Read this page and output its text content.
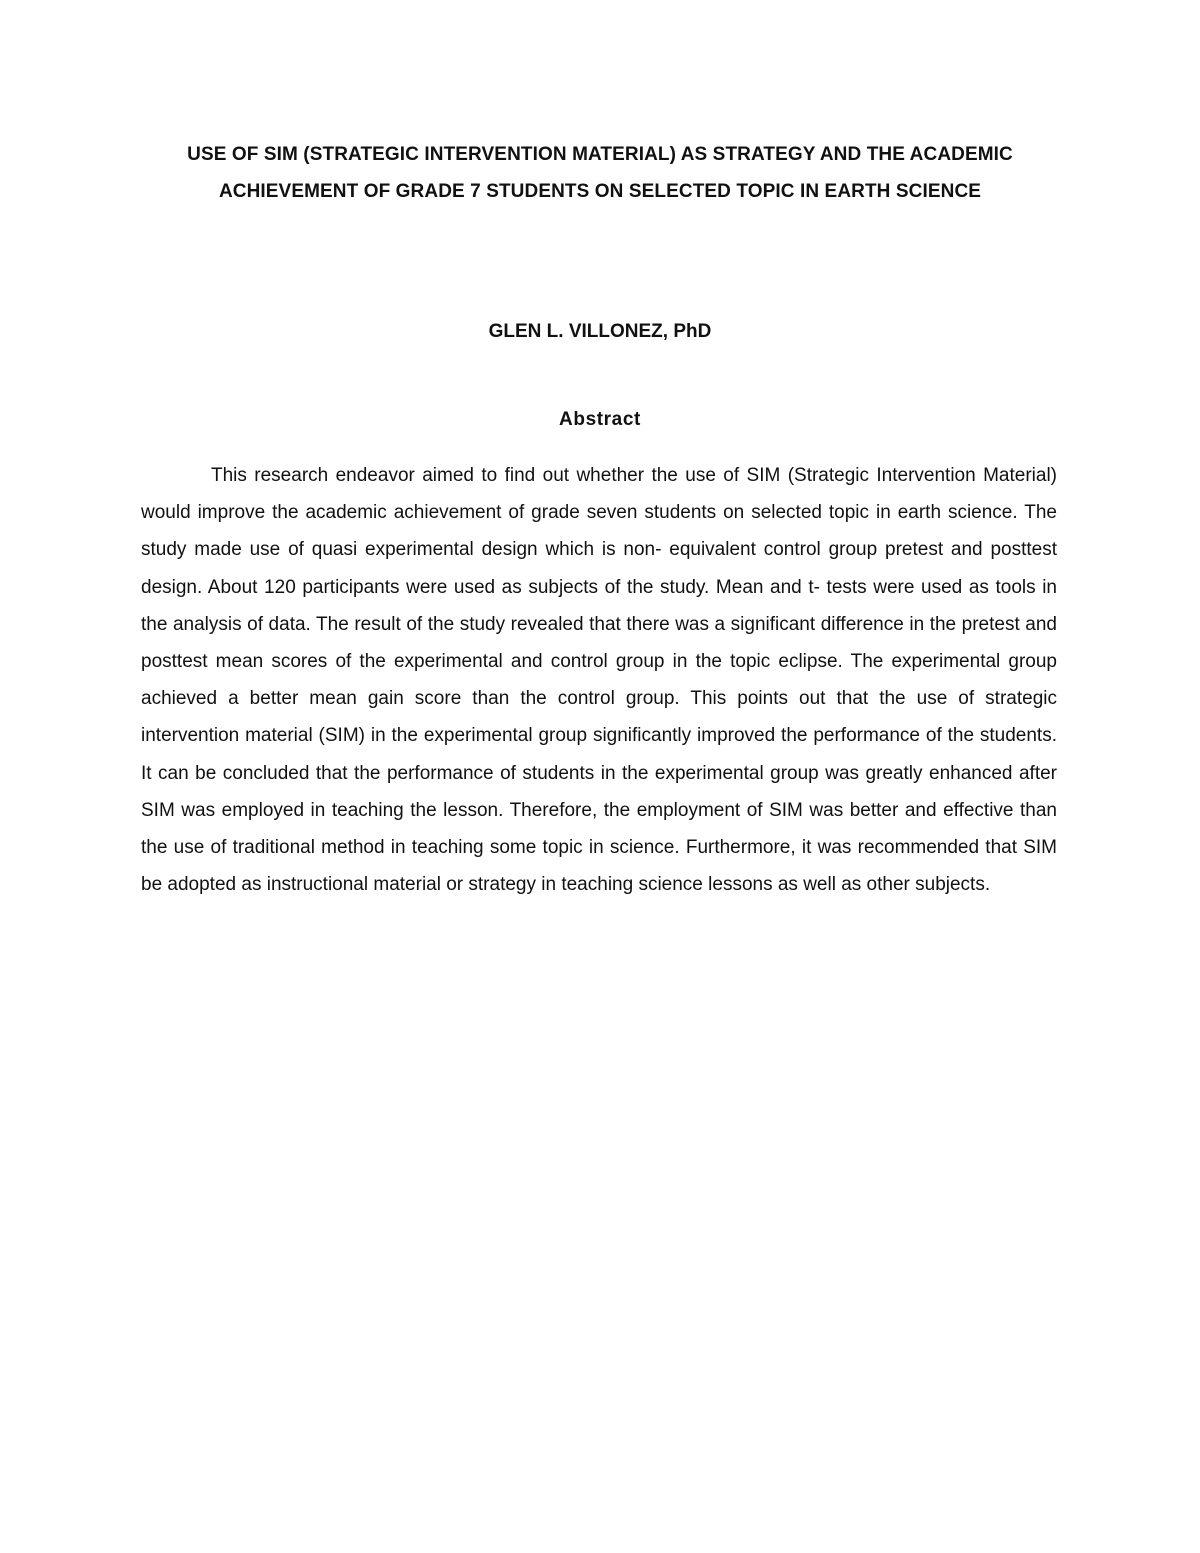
USE OF SIM (STRATEGIC INTERVENTION MATERIAL) AS STRATEGY AND THE ACADEMIC ACHIEVEMENT OF GRADE 7 STUDENTS ON SELECTED TOPIC IN EARTH SCIENCE

GLEN L. VILLONEZ, PhD

Abstract

This research endeavor aimed to find out whether the use of SIM (Strategic Intervention Material) would improve the academic achievement of grade seven students on selected topic in earth science. The study made use of quasi experimental design which is non- equivalent control group pretest and posttest design. About 120 participants were used as subjects of the study. Mean and t- tests were used as tools in the analysis of data. The result of the study revealed that there was a significant difference in the pretest and posttest mean scores of the experimental and control group in the topic eclipse. The experimental group achieved a better mean gain score than the control group. This points out that the use of strategic intervention material (SIM) in the experimental group significantly improved the performance of the students. It can be concluded that the performance of students in the experimental group was greatly enhanced after SIM was employed in teaching the lesson. Therefore, the employment of SIM was better and effective than the use of traditional method in teaching some topic in science. Furthermore, it was recommended that SIM be adopted as instructional material or strategy in teaching science lessons as well as other subjects.
